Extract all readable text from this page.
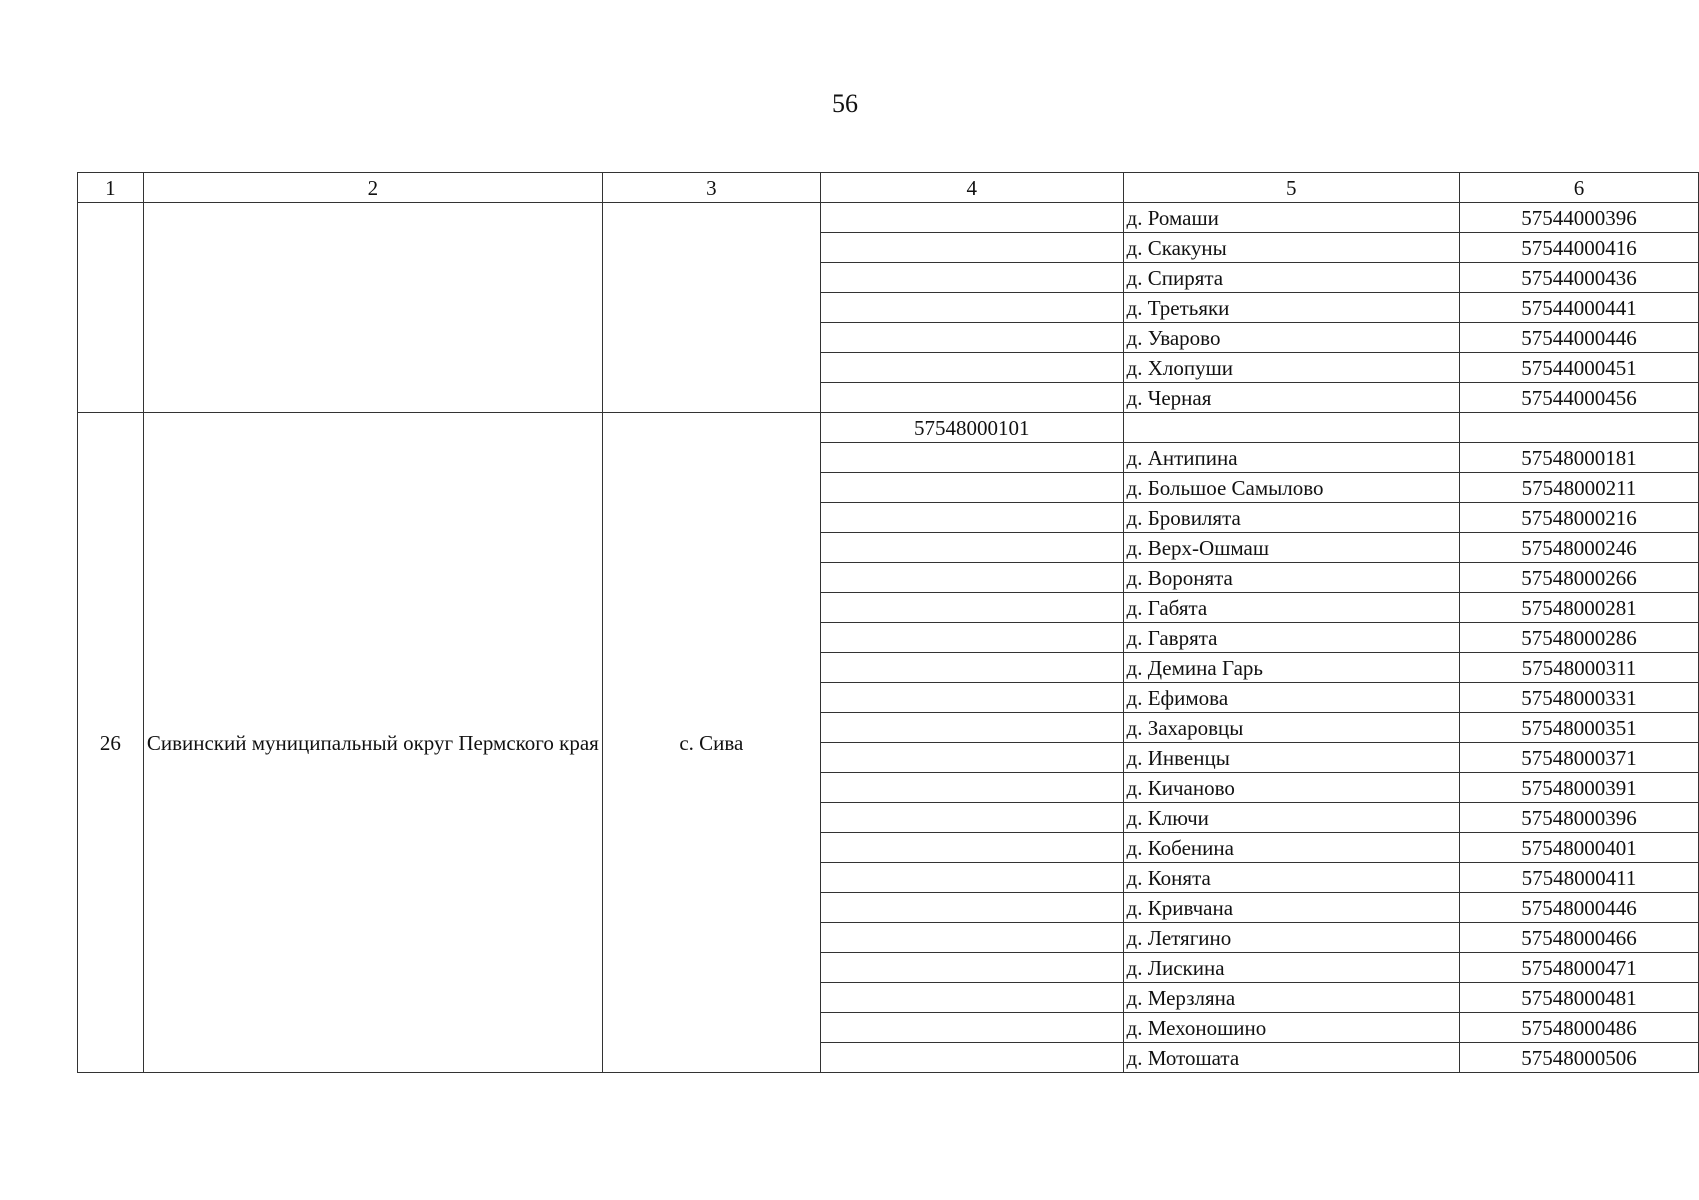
56
1	2	3	4	5	6
				д. Ромаши	57544000396
				д. Скакуны	57544000416
				д. Спирята	57544000436
				д. Третьяки	57544000441
				д. Уварово	57544000446
				д. Хлопуши	57544000451
				д. Черная	57544000456
26	Сивинский муниципальный округ Пермского края	с. Сива	57548000101		
				д. Антипина	57548000181
				д. Большое Самылово	57548000211
				д. Бровилята	57548000216
				д. Верх-Ошмаш	57548000246
				д. Воронята	57548000266
				д. Габята	57548000281
				д. Гаврята	57548000286
				д. Демина Гарь	57548000311
				д. Ефимова	57548000331
				д. Захаровцы	57548000351
				д. Инвенцы	57548000371
				д. Кичаново	57548000391
				д. Ключи	57548000396
				д. Кобенина	57548000401
				д. Конята	57548000411
				д. Кривчана	57548000446
				д. Летягино	57548000466
				д. Лискина	57548000471
				д. Мерзляна	57548000481
				д. Мехоношино	57548000486
				д. Мотошата	57548000506
